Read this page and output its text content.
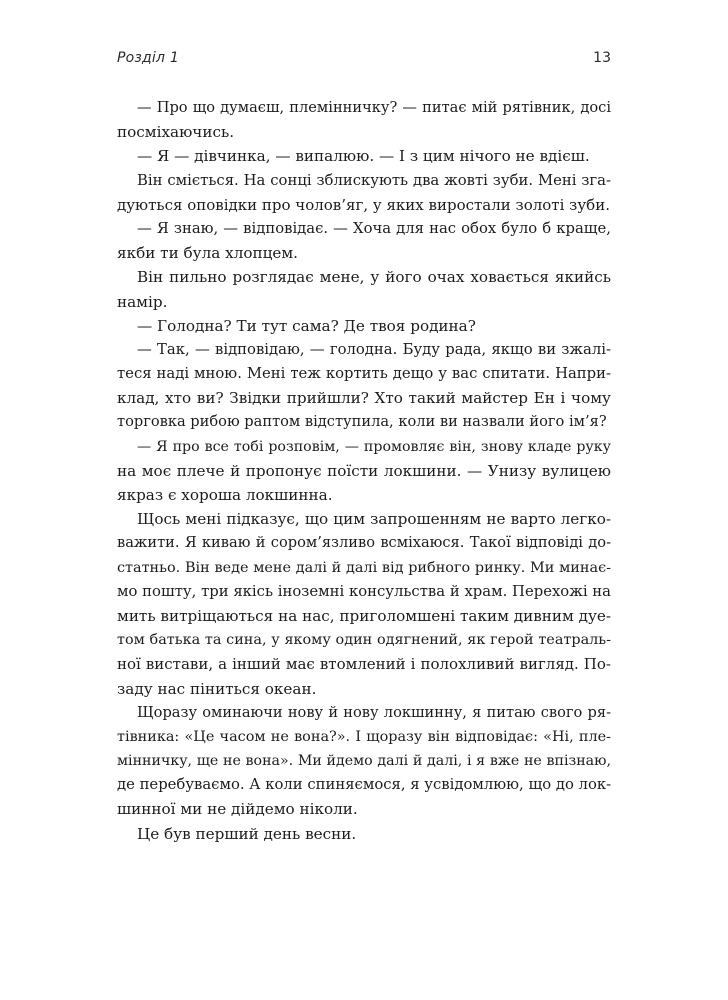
Розділ 1	13
— Про що думаєш, племінничку? — питає мій рятівник, досі
посміхаючись.
— Я — дівчинка, — випалюю. — І з цим нічого не вдієш.
Він сміється. На сонці зблискують два жовті зуби. Мені зга-
дуються оповідки про чолов’яг, у яких виростали золоті зуби.
— Я знаю, — відповідає. — Хоча для нас обох було б краще,
якби ти була хлопцем.
Він пильно розглядає мене, у його очах ховається якийсь
намір.
— Голодна? Ти тут сама? Де твоя родина?
— Так, — відповідаю, — голодна. Буду рада, якщо ви зжалі-
теся наді мною. Мені теж кортить дещо у вас спитати. Напри-
клад, хто ви? Звідки прийшли? Хто такий майстер Ен і чому
торговка рибою раптом відступила, коли ви назвали його ім’я?
— Я про все тобі розповім, — промовляє він, знову кладе руку
на моє плече й пропонує поїсти локшини. — Унизу вулицею
якраз є хороша локшинна.
Щось мені підказує, що цим запрошенням не варто легко-
важити. Я киваю й сором’язливо всміхаюся. Такої відповіді до-
статньо. Він веде мене далі й далі від рибного ринку. Ми минає-
мо пошту, три якісь іноземні консульства й храм. Перехожі на
мить витріщаються на нас, приголомшені таким дивним дуе-
том батька та сина, у якому один одягнений, як герой театраль-
ної вистави, а інший має втомлений і полохливий вигляд. По-
заду нас піниться океан.
Щоразу оминаючи нову й нову локшинну, я питаю свого ря-
тівника: «Це часом не вона?». І щоразу він відповідає: «Ні, пле-
мінничку, ще не вона». Ми йдемо далі й далі, і я вже не впізнаю,
де перебуваємо. А коли спиняємося, я усвідомлюю, що до лок-
шинної ми не дійдемо ніколи.
Це був перший день весни.
